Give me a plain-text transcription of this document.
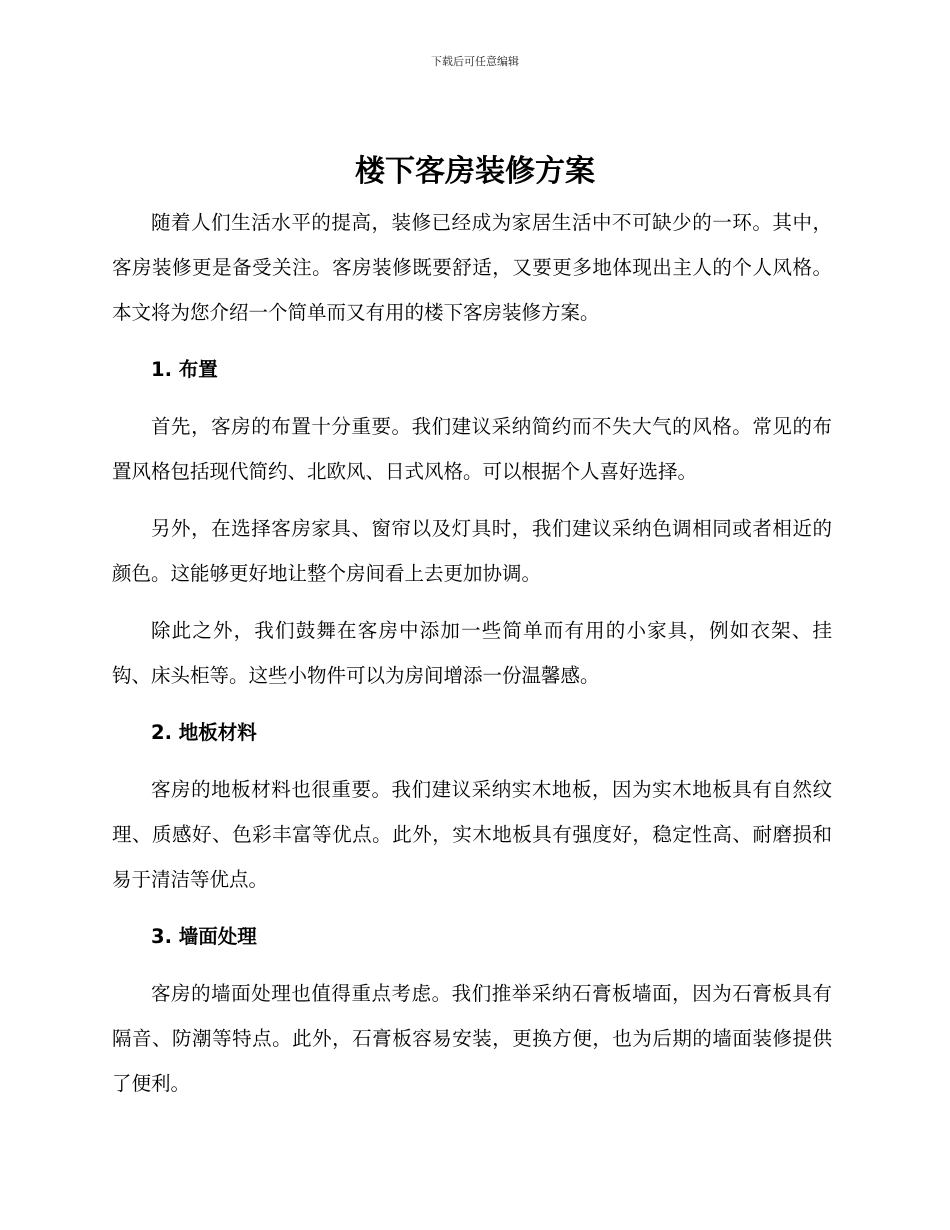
下载后可任意编辑
楼下客房装修方案

随着人们生活水平的提高，装修已经成为家居生活中不可缺少的一环。其中，客房装修更是备受关注。客房装修既要舒适，又要更多地体现出主人的个人风格。本文将为您介绍一个简单而又有用的楼下客房装修方案。

1. 布置

首先，客房的布置十分重要。我们建议采纳简约而不失大气的风格。常见的布置风格包括现代简约、北欧风、日式风格。可以根据个人喜好选择。

另外，在选择客房家具、窗帘以及灯具时，我们建议采纳色调相同或者相近的颜色。这能够更好地让整个房间看上去更加协调。

除此之外，我们鼓舞在客房中添加一些简单而有用的小家具，例如衣架、挂钩、床头柜等。这些小物件可以为房间增添一份温馨感。

2. 地板材料

客房的地板材料也很重要。我们建议采纳实木地板，因为实木地板具有自然纹理、质感好、色彩丰富等优点。此外，实木地板具有强度好，稳定性高、耐磨损和易于清洁等优点。

3. 墙面处理

客房的墙面处理也值得重点考虑。我们推举采纳石膏板墙面，因为石膏板具有隔音、防潮等特点。此外，石膏板容易安装，更换方便，也为后期的墙面装修提供了便利。
